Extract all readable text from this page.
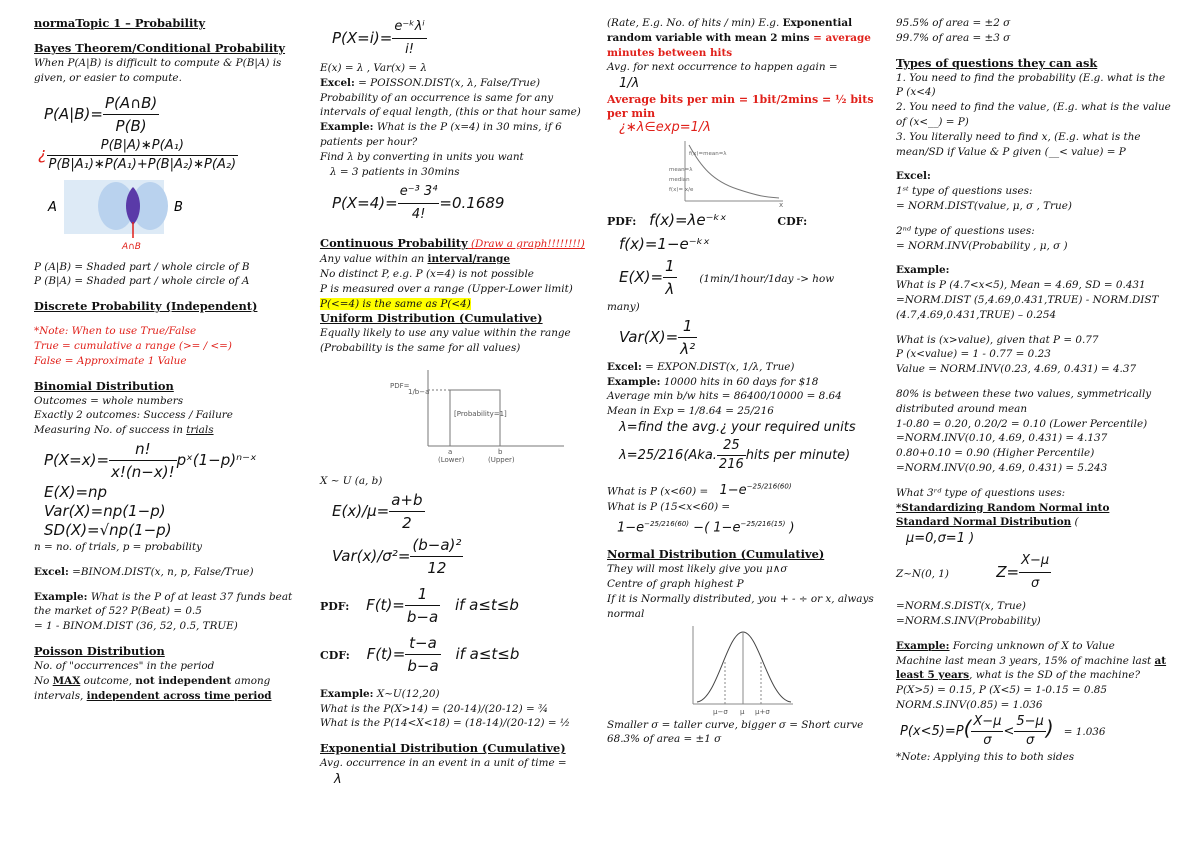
normaTopic 1 – Probability
Bayes Theorem/Conditional Probability
When P(A|B) is difficult to compute & P(B|A) is
given, or easier to compute.
$P(A|B)= \frac{P(A\cap B)}{P(B)}$
¿ $\frac{\text{P(B|A)∗P(A₁)}}{\text{P(B|A₁)∗P(A₁)+P(B|A₂)∗P(A₂)}}$
A	B
A∩B
P (A|B) = Shaded part / whole circle of B
P (B|A) = Shaded part / whole circle of A
Discrete Probability (Independent)
*Note: When to use True/False
True = cumulative a range (>= / <=)
False = Approximate 1 Value
Binomial Distribution
Outcomes = whole numbers
Exactly 2 outcomes: Success / Failure
Measuring No. of success in trials
$P(X=x)= \frac{n!}{x!(n-x)!}$ pˣ(1−p)ⁿ⁻ˣ
E(X)=np
Var(X)=np(1−p)
SD(X)=√np(1−p)
n = no. of trials, p = probability
Excel: =BINOM.DIST(x, n, p, False/True)
Example: What is the P of at least 37 funds beat
the market of 52? P(Beat) = 0.5
= 1 - BINOM.DIST (36, 52, 0.5, TRUE)
Poisson Distribution
No. of "occurrences" in the period
No MAX outcome, not independent among
intervals, independent across time period
$P(X=i)= \frac{\text{e⁻ᵏλⁱ}}{i!}$
E(x) = λ , Var(x) = λ
Excel: = POISSON.DIST(x, λ, False/True)
Probability of an occurrence is same for any
intervals of equal length, (this or that hour same)
Example: What is the P (x=4) in 30 mins, if 6
patients per hour?
Find λ by converting in units you want
λ = 3 patients in 30mins
$P(X=4)= \frac{\text{e⁻³ 3⁴}}{4!} =0.1689$
Continuous Probability (Draw a graph!!!!!!!!)
Any value within an interval/range
No distinct P, e.g. P (x=4) is not possible
P is measured over a range (Upper-Lower limit)
P(<=4) is the same as P(<4)
Uniform Distribution (Cumulative)
Equally likely to use any value within the range
(Probability is the same for all values)
PDF=
1/b−a
[Probability=1]
a	b
(Lower)	(Upper)
X ~ U (a, b)
$E(x)/\mu= \frac{a+b}{2}$
$Var(x)/\sigma^2= \frac{\text{(b−a)²}}{12}$
PDF: $F(t)= \frac{1}{b-a}$ if a≤t≤b
CDF: $F(t)= \frac{t-a}{b-a}$ if a≤t≤b
Example: X~U(12,20)
What is the P(X>14) = (20-14)/(20-12) = ¾
What is the P(14<X<18) = (18-14)/(20-12) = ½
Exponential Distribution (Cumulative)
Avg. occurrence in an event in a unit of time =
λ
(Rate, E.g. No. of hits / min) E.g. Exponential
random variable with mean 2 mins = average
minutes between hits
Avg. for next occurrence to happen again =
1/λ
Average bits per min = 1bit/2mins = ½ bits
per min
¿∗λ∈exp=1/λ
f(x)=mean=λ
mean=λ
median
f(x)= x/e
x
PDF: f(x)=λe⁻ᵏˣ	CDF:
f(x)=1−e⁻ᵏˣ
$E(X)= \frac{1}{\lambda}$ (1min/1hour/1day -> how
many)
$Var(X)= \frac{1}{\text{λ²}}$
Excel: = EXPON.DIST(x, 1/λ, True)
Example: 10000 hits in 60 days for $18
Average min b/w hits = 86400/10000 = 8.64
Mean in Exp = 1/8.64 = 25/216
λ=find the avg.¿ your required units
λ=25/216(Aka. $\frac{25}{216}$ hits per minute)
What is P $(x<60) = 1-e^{-25/216(60)}$
What is P (15<x<60) =
$1-e^{-25/216(60)}$ −( $1-e^{-25/216(15)}$ )
Normal Distribution (Cumulative)
They will most likely give you μ∧σ
Centre of graph highest P
If it is Normally distributed, you + - ÷ or x, always
normal
μ−σ μ μ+σ
Smaller σ = taller curve, bigger σ = Short curve
68.3% of area = ±1 σ
95.5% of area = ±2 σ
99.7% of area = ±3 σ
Types of questions they can ask
1. You need to find the probability (E.g. what is the
P (x<4)
2. You need to find the value, (E.g. what is the value
of (x<__) = P)
3. You literally need to find x, (E.g. what is the
mean/SD if Value & P given (__< value) = P
Excel:
1ˢᵗ type of questions uses:
= NORM.DIST(value, μ, σ , True)
2ⁿᵈ type of questions uses:
= NORM.INV(Probability , μ, σ )
Example:
What is P (4.7<x<5), Mean = 4.69, SD = 0.431
=NORM.DIST (5,4.69,0.431,TRUE) - NORM.DIST
(4.7,4.69,0.431,TRUE) – 0.254
What is (x>value), given that P = 0.77
P (x<value) = 1 - 0.77 = 0.23
Value = NORM.INV(0.23, 4.69, 0.431) = 4.37
80% is between these two values, symmetrically
distributed around mean
1-0.80 = 0.20, 0.20/2 = 0.10 (Lower Percentile)
=NORM.INV(0.10, 4.69, 0.431) = 4.137
0.80+0.10 = 0.90 (Higher Percentile)
=NORM.INV(0.90, 4.69, 0.431) = 5.243
What 3ʳᵈ type of questions uses:
*Standardizing Random Normal into
Standard Normal Distribution (
μ=0,σ=1 )
Z~N(0, 1)	$Z= \frac{X-\mu}{\sigma}$
=NORM.S.DIST(x, True)
=NORM.S.INV(Probability)
Example: Forcing unknown of X to Value
Machine last mean 3 years, 15% of machine last at
least 5 years, what is the SD of the machine?
P(X>5) = 0.15, P (X<5) = 1-0.15 = 0.85
NORM.S.INV(0.85) = 1.036
$P(x<5)=P( \frac{X-\mu}{\sigma} < \frac{5-\mu}{\sigma}$ ) = 1.036
*Note: Applying this to both sides
